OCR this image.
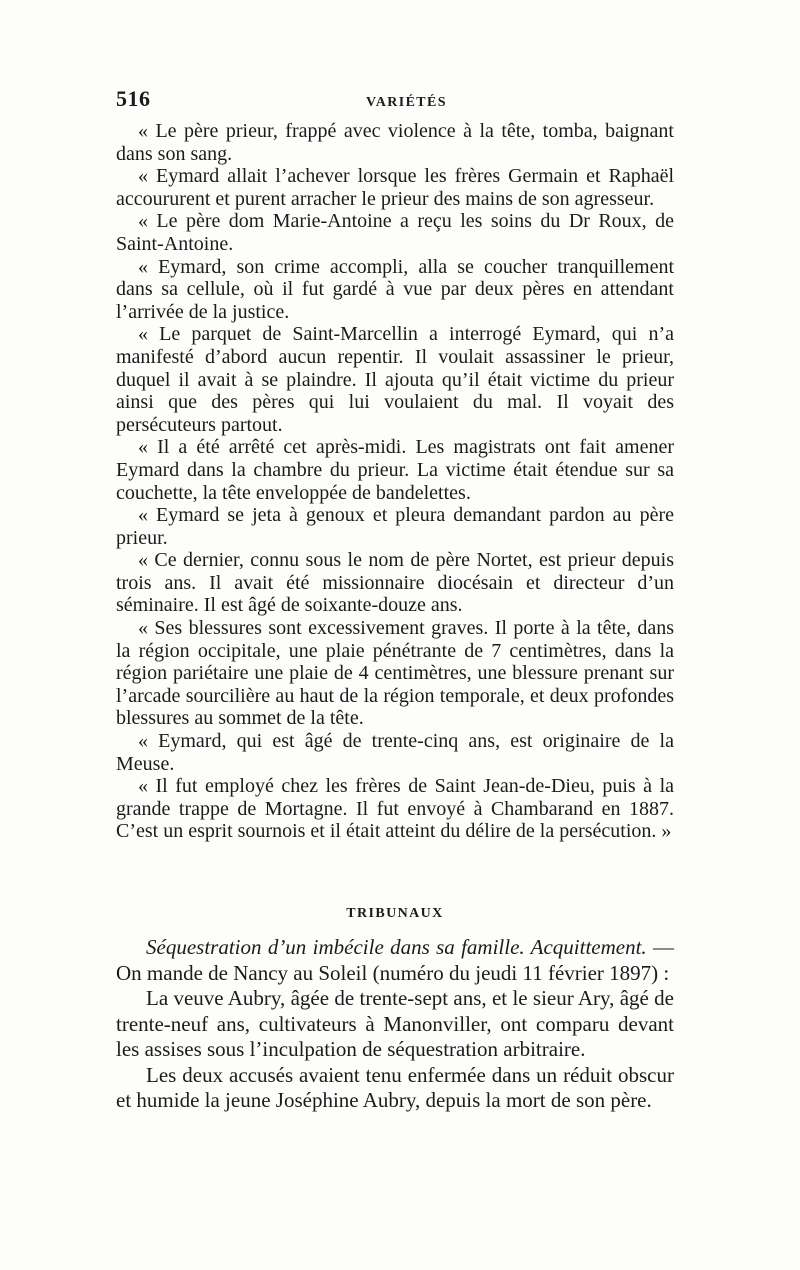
516	VARIÉTÉS

« Le père prieur, frappé avec violence à la tête, tomba, baignant dans son sang.

« Eymard allait l’achever lorsque les frères Germain et Raphaël accoururent et purent arracher le prieur des mains de son agresseur.

« Le père dom Marie-Antoine a reçu les soins du Dr Roux, de Saint-Antoine.

« Eymard, son crime accompli, alla se coucher tranquillement dans sa cellule, où il fut gardé à vue par deux pères en attendant l’arrivée de la justice.

« Le parquet de Saint-Marcellin a interrogé Eymard, qui n’a manifesté d’abord aucun repentir. Il voulait assassiner le prieur, duquel il avait à se plaindre. Il ajouta qu’il était victime du prieur ainsi que des pères qui lui voulaient du mal. Il voyait des persécuteurs partout.

« Il a été arrêté cet après-midi. Les magistrats ont fait amener Eymard dans la chambre du prieur. La victime était étendue sur sa couchette, la tête enveloppée de bandelettes.

« Eymard se jeta à genoux et pleura demandant pardon au père prieur.

« Ce dernier, connu sous le nom de père Nortet, est prieur depuis trois ans. Il avait été missionnaire diocésain et directeur d’un séminaire. Il est âgé de soixante-douze ans.

« Ses blessures sont excessivement graves. Il porte à la tête, dans la région occipitale, une plaie pénétrante de 7 centimètres, dans la région pariétaire une plaie de 4 centimètres, une blessure prenant sur l’arcade sourcilière au haut de la région temporale, et deux profondes blessures au sommet de la tête.

« Eymard, qui est âgé de trente-cinq ans, est originaire de la Meuse.

« Il fut employé chez les frères de Saint Jean-de-Dieu, puis à la grande trappe de Mortagne. Il fut envoyé à Chambarand en 1887. C’est un esprit sournois et il était atteint du délire de la persécution. »

TRIBUNAUX

Séquestration d’un imbécile dans sa famille. Acquittement. — On mande de Nancy au Soleil (numéro du jeudi 11 février 1897) :

La veuve Aubry, âgée de trente-sept ans, et le sieur Ary, âgé de trente-neuf ans, cultivateurs à Manonviller, ont comparu devant les assises sous l’inculpation de séquestration arbitraire.

Les deux accusés avaient tenu enfermée dans un réduit obscur et humide la jeune Joséphine Aubry, depuis la mort de son père.
